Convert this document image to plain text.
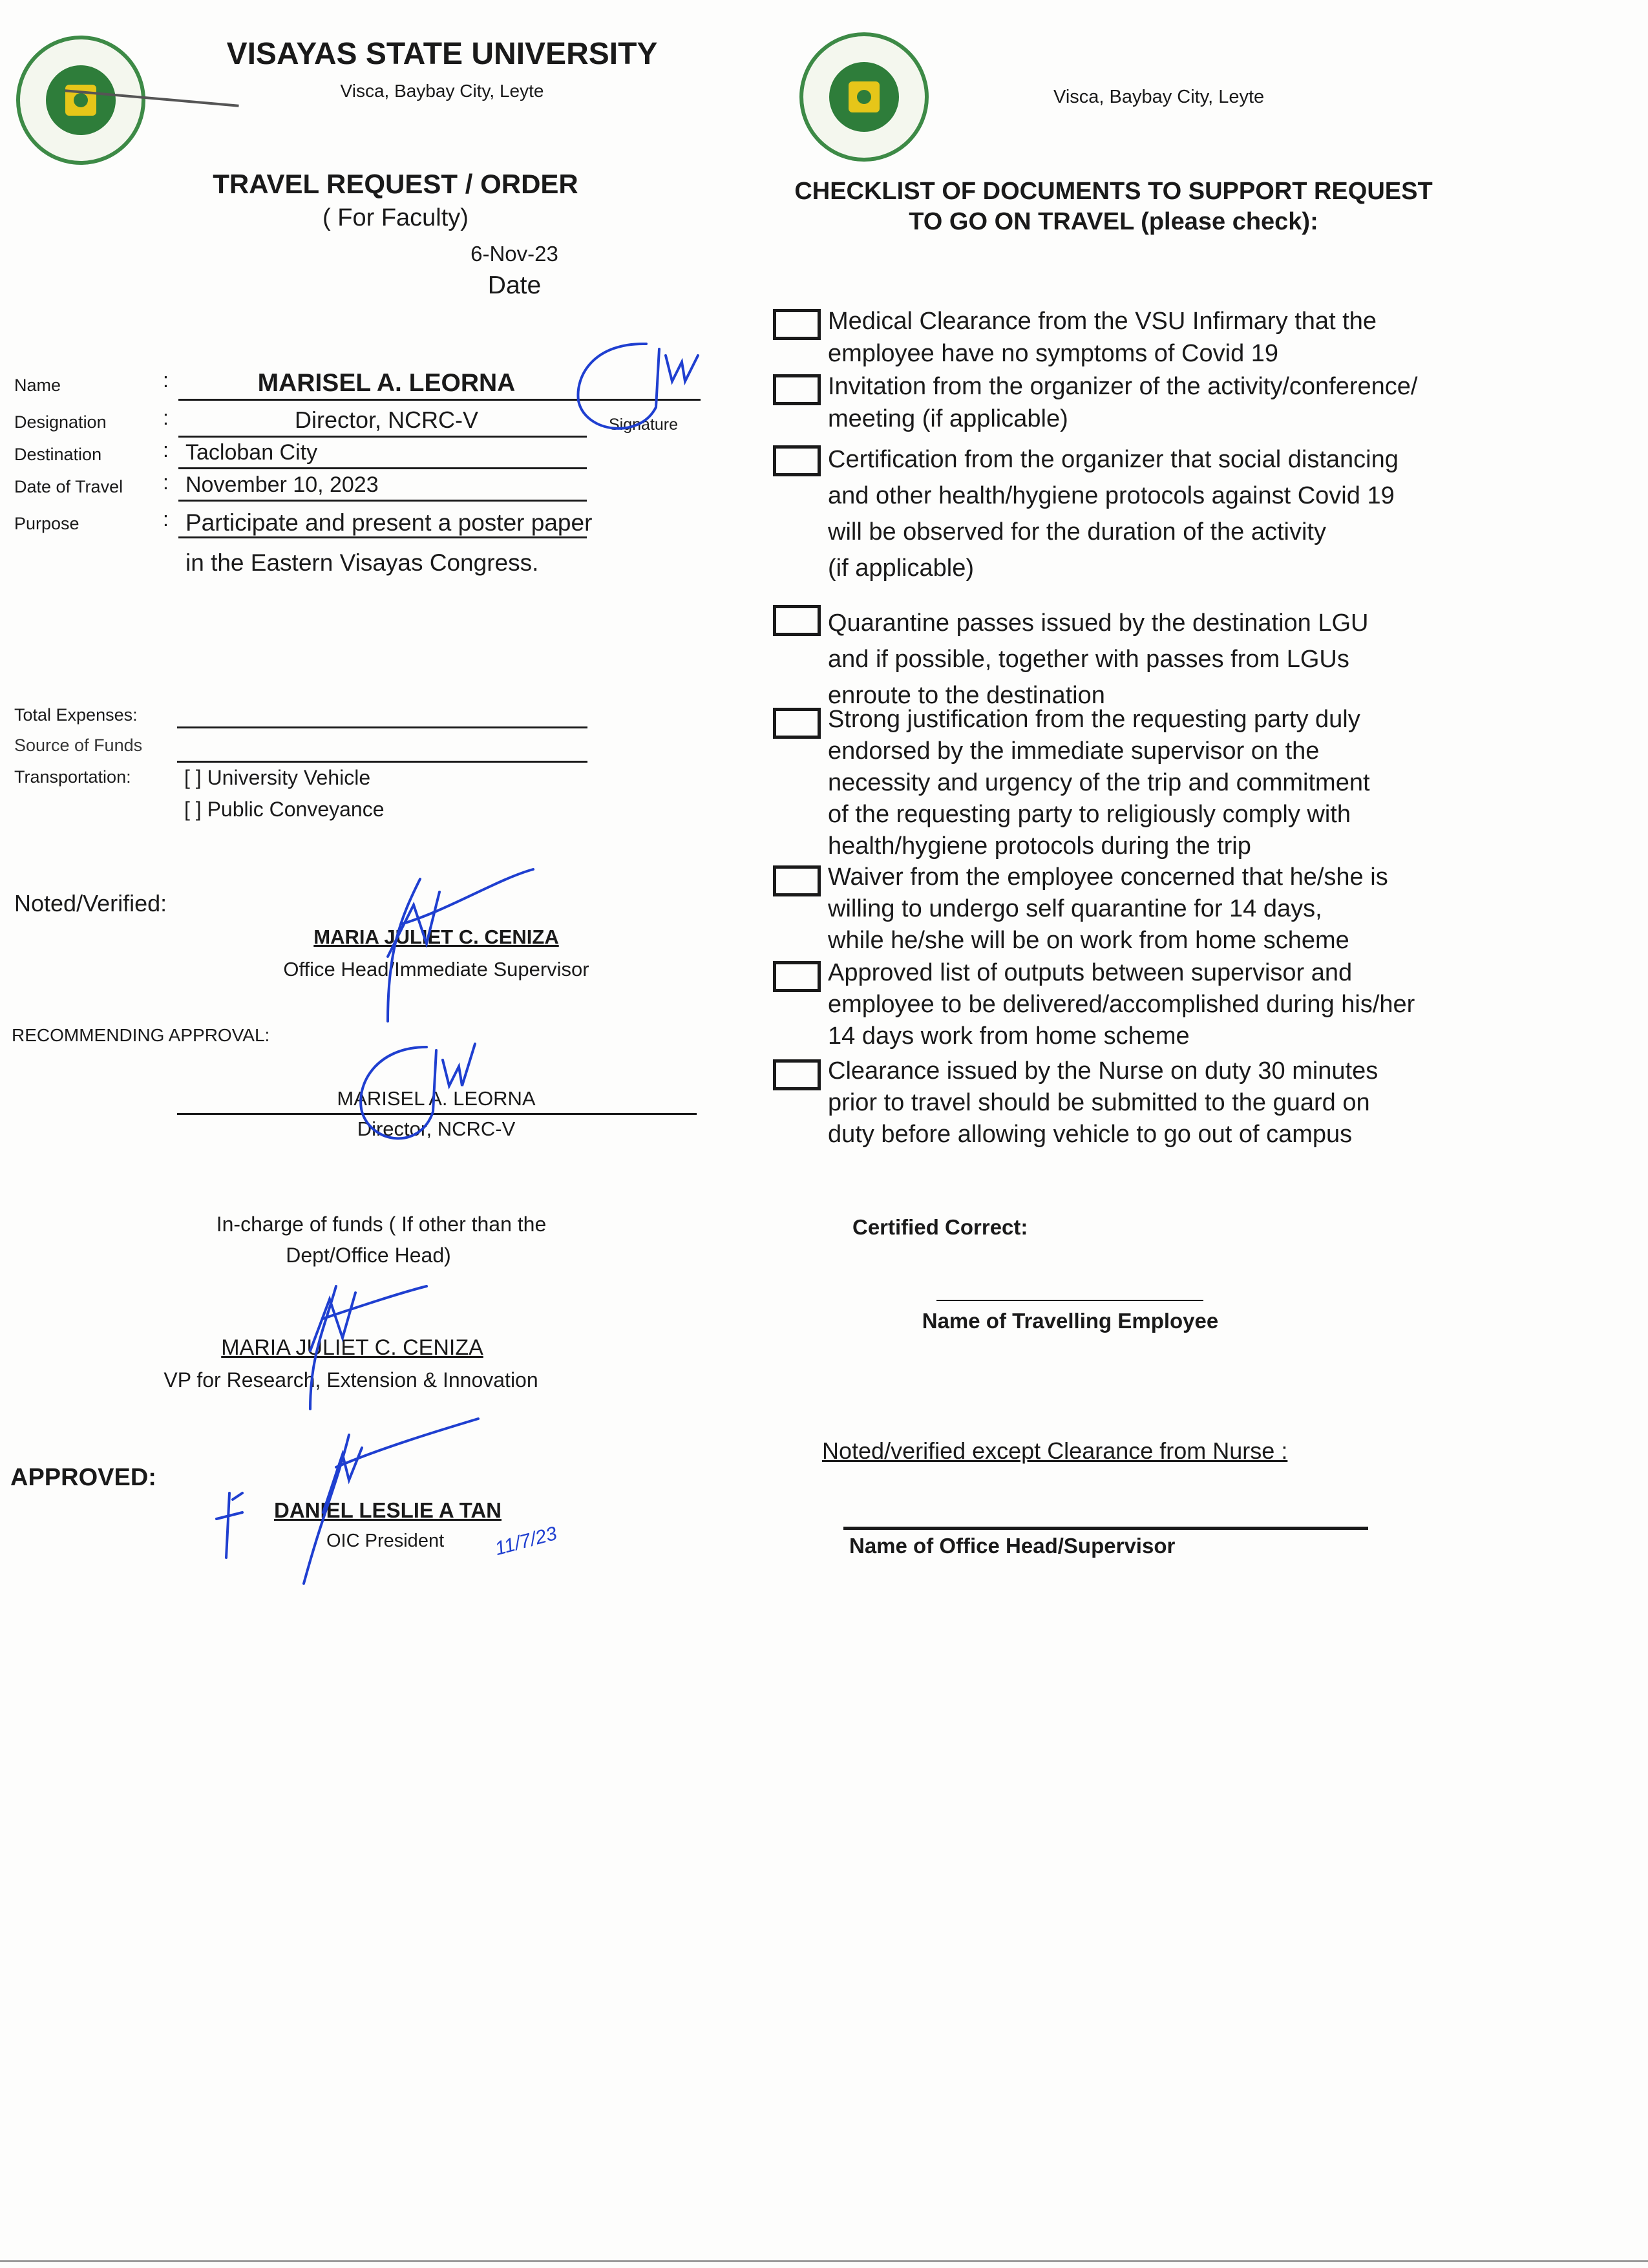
VISAYAS STATE UNIVERSITY
Visca, Baybay City, Leyte	Visca, Baybay City, Leyte
TRAVEL REQUEST / ORDER
( For Faculty)
6-Nov-23
Date
Name	:	MARISEL A. LEORNA
Designation	:	Director, NCRC-V	Signature
Destination	: Tacloban City
Date of Travel : November 10, 2023
Purpose	: Participate and present a poster paper
in the Eastern Visayas Congress.
Total Expenses:
Source of Funds
Transportation:	[ ] University Vehicle
[ ] Public Conveyance
Noted/Verified:
MARIA JULIET C. CENIZA
Office Head/Immediate Supervisor
RECOMMENDING APPROVAL:
MARISEL A. LEORNA
Director, NCRC-V
In-charge of funds ( If other than the
Dept/Office Head)
MARIA JULIET C. CENIZA
VP for Research, Extension & Innovation
APPROVED:
DANIEL LESLIE A TAN
OIC President	11/7/23
CHECKLIST OF DOCUMENTS TO SUPPORT REQUEST
TO GO ON TRAVEL (please check):
Medical Clearance from the VSU Infirmary that the
employee have no symptoms of Covid 19
Invitation from the organizer of the activity/conference/
meeting (if applicable)
Certification from the organizer that social distancing
and other health/hygiene protocols against Covid 19
will be observed for the duration of the activity
(if applicable)
Quarantine passes issued by the destination LGU
and if possible, together with passes from LGUs
enroute to the destination
Strong justification from the requesting party duly
endorsed by the immediate supervisor on the
necessity and urgency of the trip and commitment
of the requesting party to religiously comply with
health/hygiene protocols during the trip
Waiver from the employee concerned that he/she is
willing to undergo self quarantine for 14 days,
while he/she will be on work from home scheme
Approved list of outputs between supervisor and
employee to be delivered/accomplished during his/her
14 days work from home scheme
Clearance issued by the Nurse on duty 30 minutes
prior to travel should be submitted to the guard on
duty before allowing vehicle to go out of campus
Certified Correct:
Name of Travelling Employee
Noted/verified except Clearance from Nurse :
Name of Office Head/Supervisor
